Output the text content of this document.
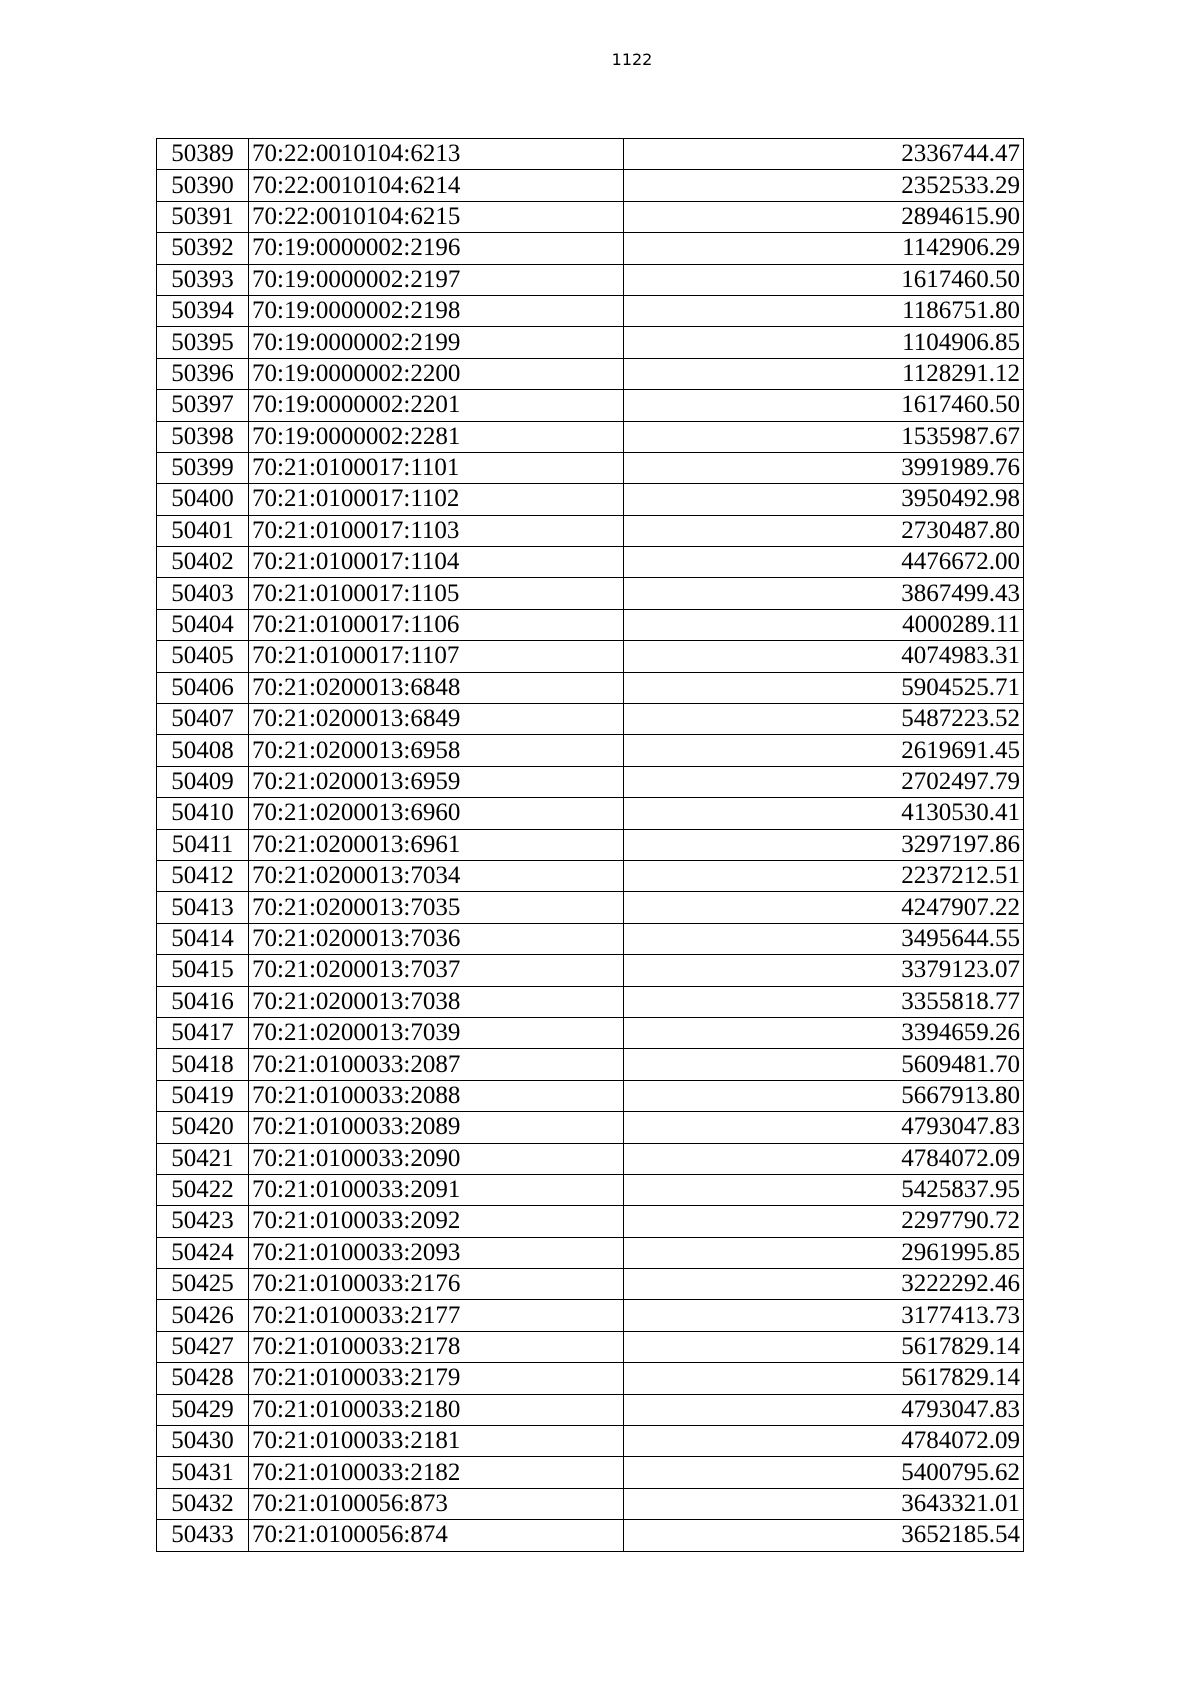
1122
50389	70:22:0010104:6213	2336744.47
50390	70:22:0010104:6214	2352533.29
50391	70:22:0010104:6215	2894615.90
50392	70:19:0000002:2196	1142906.29
50393	70:19:0000002:2197	1617460.50
50394	70:19:0000002:2198	1186751.80
50395	70:19:0000002:2199	1104906.85
50396	70:19:0000002:2200	1128291.12
50397	70:19:0000002:2201	1617460.50
50398	70:19:0000002:2281	1535987.67
50399	70:21:0100017:1101	3991989.76
50400	70:21:0100017:1102	3950492.98
50401	70:21:0100017:1103	2730487.80
50402	70:21:0100017:1104	4476672.00
50403	70:21:0100017:1105	3867499.43
50404	70:21:0100017:1106	4000289.11
50405	70:21:0100017:1107	4074983.31
50406	70:21:0200013:6848	5904525.71
50407	70:21:0200013:6849	5487223.52
50408	70:21:0200013:6958	2619691.45
50409	70:21:0200013:6959	2702497.79
50410	70:21:0200013:6960	4130530.41
50411	70:21:0200013:6961	3297197.86
50412	70:21:0200013:7034	2237212.51
50413	70:21:0200013:7035	4247907.22
50414	70:21:0200013:7036	3495644.55
50415	70:21:0200013:7037	3379123.07
50416	70:21:0200013:7038	3355818.77
50417	70:21:0200013:7039	3394659.26
50418	70:21:0100033:2087	5609481.70
50419	70:21:0100033:2088	5667913.80
50420	70:21:0100033:2089	4793047.83
50421	70:21:0100033:2090	4784072.09
50422	70:21:0100033:2091	5425837.95
50423	70:21:0100033:2092	2297790.72
50424	70:21:0100033:2093	2961995.85
50425	70:21:0100033:2176	3222292.46
50426	70:21:0100033:2177	3177413.73
50427	70:21:0100033:2178	5617829.14
50428	70:21:0100033:2179	5617829.14
50429	70:21:0100033:2180	4793047.83
50430	70:21:0100033:2181	4784072.09
50431	70:21:0100033:2182	5400795.62
50432	70:21:0100056:873	3643321.01
50433	70:21:0100056:874	3652185.54
